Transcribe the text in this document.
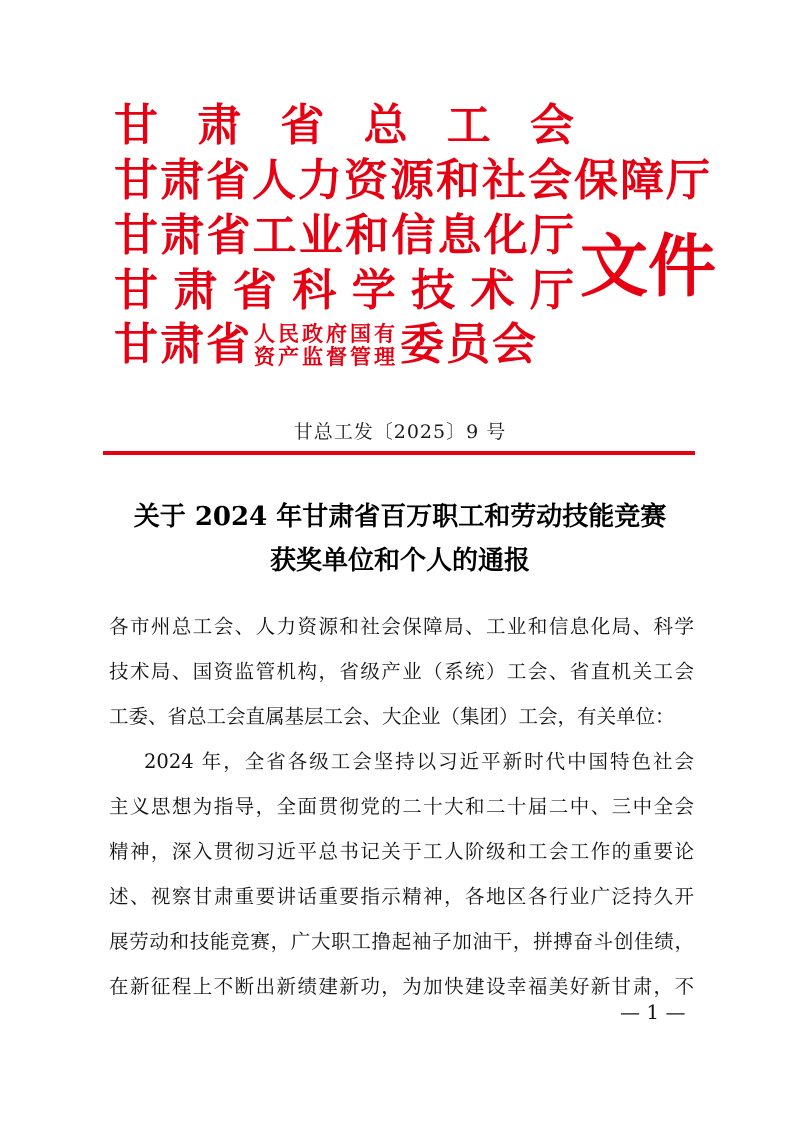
甘 肃 省 总 工 会
甘肃省人力资源和社会保障厅
甘 肃 省 工 业 和 信 息 化 厅
甘 肃 省 科 学 技 术 厅
甘肃省 人民政府国有
资产监督管理 委员会
文件
甘总工发〔2025〕9 号
关于 2024 年甘肃省百万职工和劳动技能竞赛
获奖单位和个人的通报
各市州总工会、人力资源和社会保障局、工业和信息化局、科学
技术局、国资监管机构，省级产业（系统）工会、省直机关工会
工委、省总工会直属基层工会、大企业（集团）工会，有关单位：
2024 年，全省各级工会坚持以习近平新时代中国特色社会
主义思想为指导，全面贯彻党的二十大和二十届二中、三中全会
精神，深入贯彻习近平总书记关于工人阶级和工会工作的重要论
述、视察甘肃重要讲话重要指示精神，各地区各行业广泛持久开
展劳动和技能竞赛，广大职工撸起袖子加油干，拼搏奋斗创佳绩，
在新征程上不断出新绩建新功，为加快建设幸福美好新甘肃，不
— 1 —
